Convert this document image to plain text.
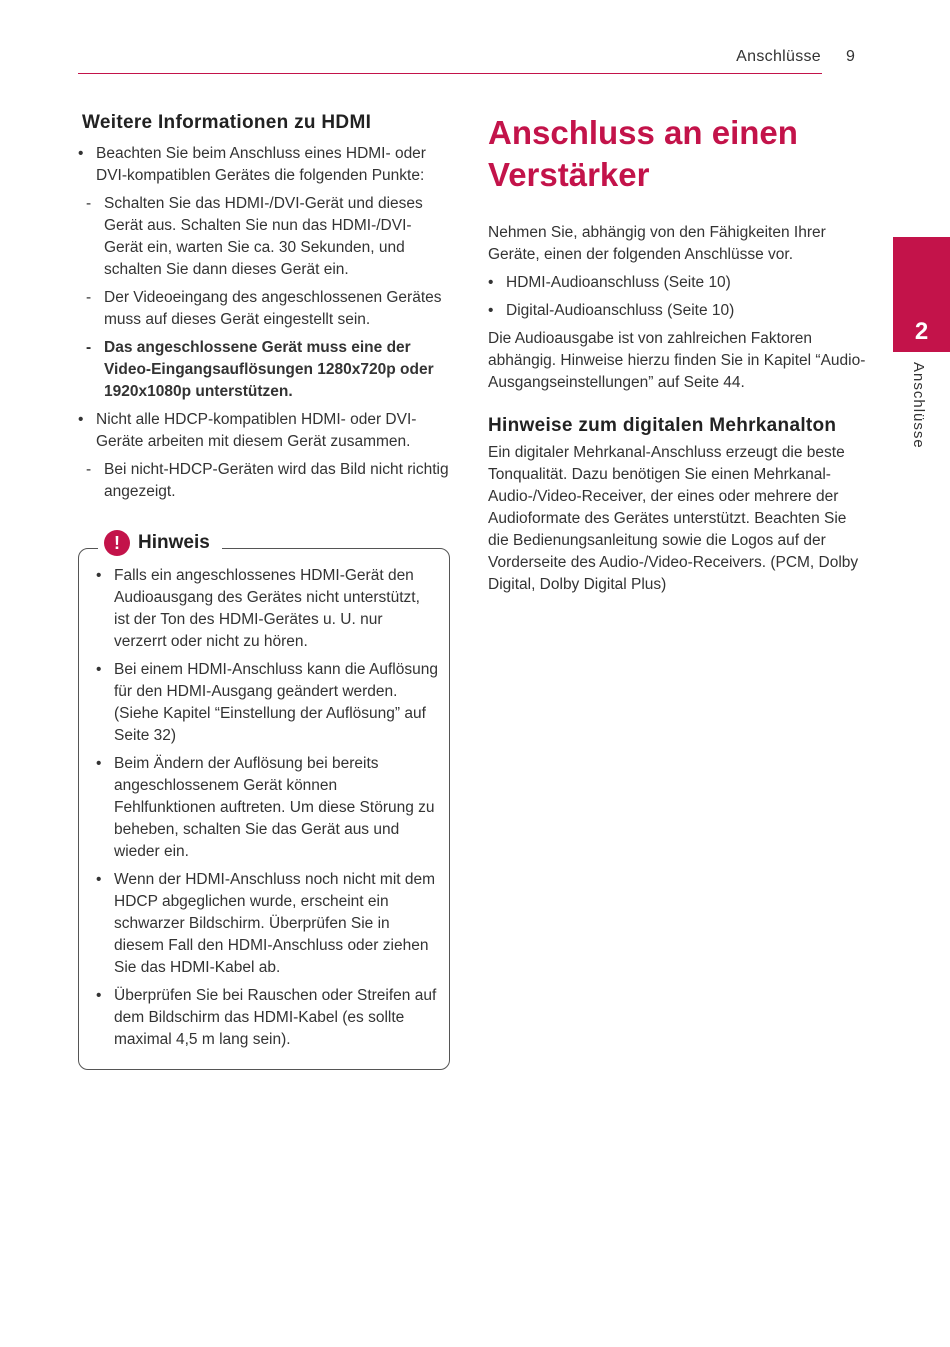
Anschlüsse 9
2
Anschlüsse
Weitere Informationen zu HDMI
• Beachten Sie beim Anschluss eines HDMI- oder DVI-kompatiblen Gerätes die folgenden Punkte:
- Schalten Sie das HDMI-/DVI-Gerät und dieses Gerät aus. Schalten Sie nun das HDMI-/DVI-Gerät ein, warten Sie ca. 30 Sekunden, und schalten Sie dann dieses Gerät ein.
- Der Videoeingang des angeschlossenen Gerätes muss auf dieses Gerät eingestellt sein.
- Das angeschlossene Gerät muss eine der Video-Eingangsauflösungen 1280x720p oder 1920x1080p unterstützen.
• Nicht alle HDCP-kompatiblen HDMI- oder DVI-Geräte arbeiten mit diesem Gerät zusammen.
- Bei nicht-HDCP-Geräten wird das Bild nicht richtig angezeigt.
! Hinweis
• Falls ein angeschlossenes HDMI-Gerät den Audioausgang des Gerätes nicht unterstützt, ist der Ton des HDMI-Gerätes u. U. nur verzerrt oder nicht zu hören.
• Bei einem HDMI-Anschluss kann die Auflösung für den HDMI-Ausgang geändert werden. (Siehe Kapitel “Einstellung der Auflösung” auf Seite 32)
• Beim Ändern der Auflösung bei bereits angeschlossenem Gerät können Fehlfunktionen auftreten. Um diese Störung zu beheben, schalten Sie das Gerät aus und wieder ein.
• Wenn der HDMI-Anschluss noch nicht mit dem HDCP abgeglichen wurde, erscheint ein schwarzer Bildschirm. Überprüfen Sie in diesem Fall den HDMI-Anschluss oder ziehen Sie das HDMI-Kabel ab.
• Überprüfen Sie bei Rauschen oder Streifen auf dem Bildschirm das HDMI-Kabel (es sollte maximal 4,5 m lang sein).
Anschluss an einen Verstärker

Nehmen Sie, abhängig von den Fähigkeiten Ihrer Geräte, einen der folgenden Anschlüsse vor.

• HDMI-Audioanschluss (Seite 10)
• Digital-Audioanschluss (Seite 10)

Die Audioausgabe ist von zahlreichen Faktoren abhängig. Hinweise hierzu finden Sie in Kapitel “Audio-Ausgangseinstellungen” auf Seite 44.

Hinweise zum digitalen Mehrkanalton

Ein digitaler Mehrkanal-Anschluss erzeugt die beste Tonqualität. Dazu benötigen Sie einen Mehrkanal-Audio-/Video-Receiver, der eines oder mehrere der Audioformate des Gerätes unterstützt. Beachten Sie die Bedienungsanleitung sowie die Logos auf der Vorderseite des Audio-/Video-Receivers. (PCM, Dolby Digital, Dolby Digital Plus)
